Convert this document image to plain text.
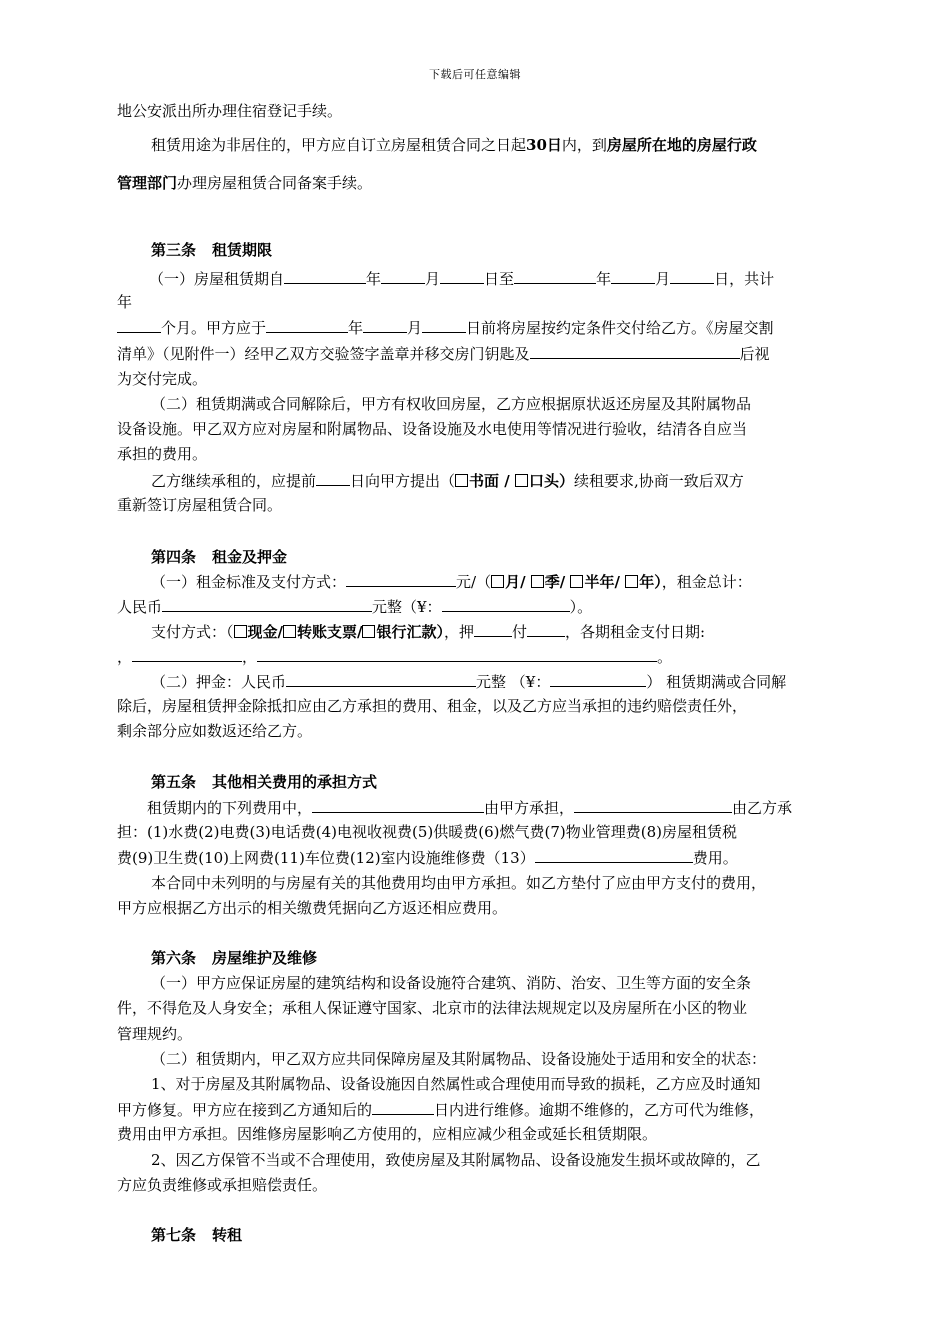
下载后可任意编辑
地公安派出所办理住宿登记手续。
租赁用途为非居住的，甲方应自订立房屋租赁合同之日起30日内，到房屋所在地的房屋行政
管理部门办理房屋租赁合同备案手续。
第三条 租赁期限
（一）房屋租赁期自	年	月	日至	年	月	日，共计
年
个月。甲方应于	年	月	日前将房屋按约定条件交付给乙方。《房屋交割
清单》（见附件一）经甲乙双方交验签字盖章并移交房门钥匙及	后视
为交付完成。
（二）租赁期满或合同解除后，甲方有权收回房屋，乙方应根据原状返还房屋及其附属物品
设备设施。甲乙双方应对房屋和附属物品、设备设施及水电使用等情况进行验收，结清各自应当
承担的费用。
乙方继续承租的，应提前 日向甲方提出（ 书面 / 口头）续租要求,协商一致后双方
重新签订房屋租赁合同。
第四条 租金及押金
（一）租金标准及支付方式：	元/（ 月/ 季/ 半年/ 年），租金总计：
人民币	元整（¥：	）。
支付方式：（ 现金/ 转账支票/ 银行汇款），押	付	，各期租金支付日期:
，	，	。
（二）押金：人民币	元整 （¥：	） 租赁期满或合同解
除后，房屋租赁押金除抵扣应由乙方承担的费用、租金，以及乙方应当承担的违约赔偿责任外，
剩余部分应如数返还给乙方。
第五条 其他相关费用的承担方式
租赁期内的下列费用中，	由甲方承担，	由乙方承
担：(1)水费(2)电费(3)电话费(4)电视收视费(5)供暖费(6)燃气费(7)物业管理费(8)房屋租赁税
费(9)卫生费(10)上网费(11)车位费(12)室内设施维修费（13）	费用。
本合同中未列明的与房屋有关的其他费用均由甲方承担。如乙方垫付了应由甲方支付的费用，
甲方应根据乙方出示的相关缴费凭据向乙方返还相应费用。
第六条 房屋维护及维修
（一）甲方应保证房屋的建筑结构和设备设施符合建筑、消防、治安、卫生等方面的安全条
件，不得危及人身安全；承租人保证遵守国家、北京市的法律法规规定以及房屋所在小区的物业
管理规约。
（二）租赁期内，甲乙双方应共同保障房屋及其附属物品、设备设施处于适用和安全的状态：
1、对于房屋及其附属物品、设备设施因自然属性或合理使用而导致的损耗，乙方应及时通知
甲方修复。甲方应在接到乙方通知后的	日内进行维修。逾期不维修的，乙方可代为维修，
费用由甲方承担。因维修房屋影响乙方使用的，应相应减少租金或延长租赁期限。
2、因乙方保管不当或不合理使用，致使房屋及其附属物品、设备设施发生损坏或故障的，乙
方应负责维修或承担赔偿责任。
第七条 转租
